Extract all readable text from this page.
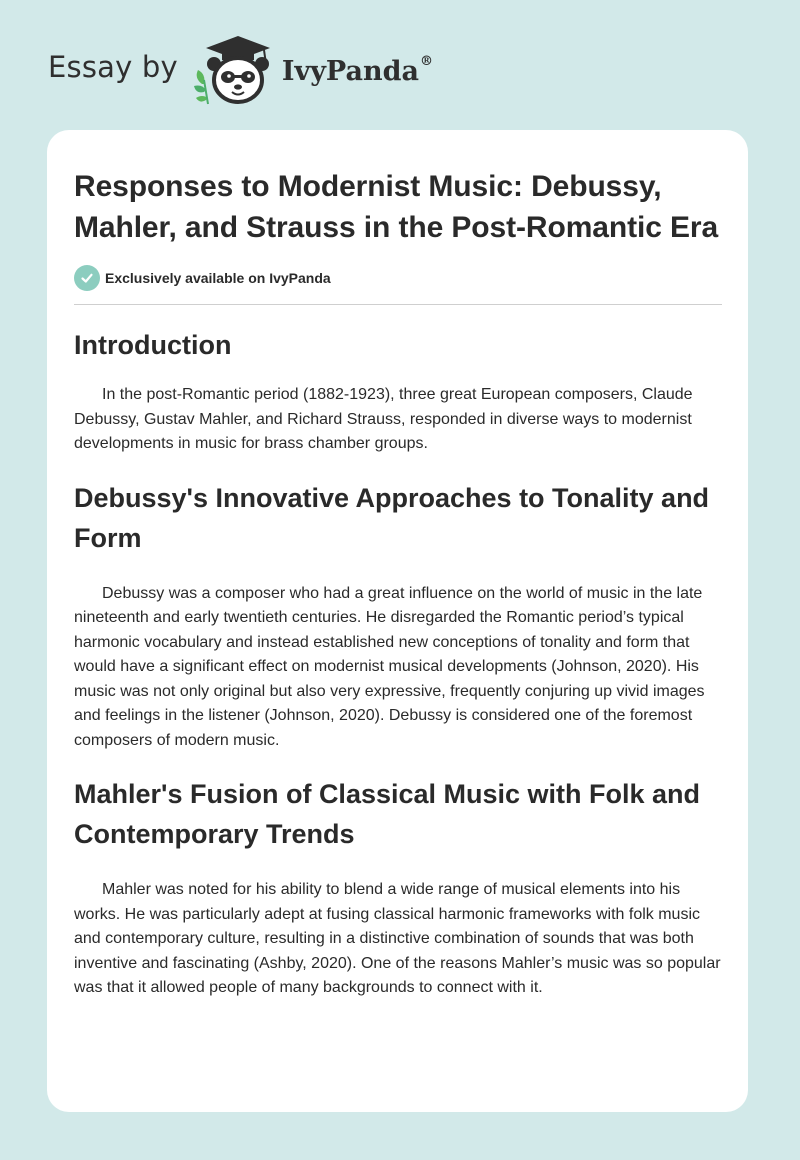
Essay by	IvyPanda®
Responses to Modernist Music: Debussy, Mahler, and Strauss in the Post-Romantic Era
Exclusively available on IvyPanda
Introduction

In the post-Romantic period (1882-1923), three great European composers, Claude Debussy, Gustav Mahler, and Richard Strauss, responded in diverse ways to modernist developments in music for brass chamber groups.

Debussy's Innovative Approaches to Tonality and Form

Debussy was a composer who had a great influence on the world of music in the late nineteenth and early twentieth centuries. He disregarded the Romantic period’s typical harmonic vocabulary and instead established new conceptions of tonality and form that would have a significant effect on modernist musical developments (Johnson, 2020). His music was not only original but also very expressive, frequently conjuring up vivid images and feelings in the listener (Johnson, 2020). Debussy is considered one of the foremost composers of modern music.

Mahler's Fusion of Classical Music with Folk and Contemporary Trends

Mahler was noted for his ability to blend a wide range of musical elements into his works. He was particularly adept at fusing classical harmonic frameworks with folk music and contemporary culture, resulting in a distinctive combination of sounds that was both inventive and fascinating (Ashby, 2020). One of the reasons Mahler’s music was so popular was that it allowed people of many backgrounds to connect with it.
